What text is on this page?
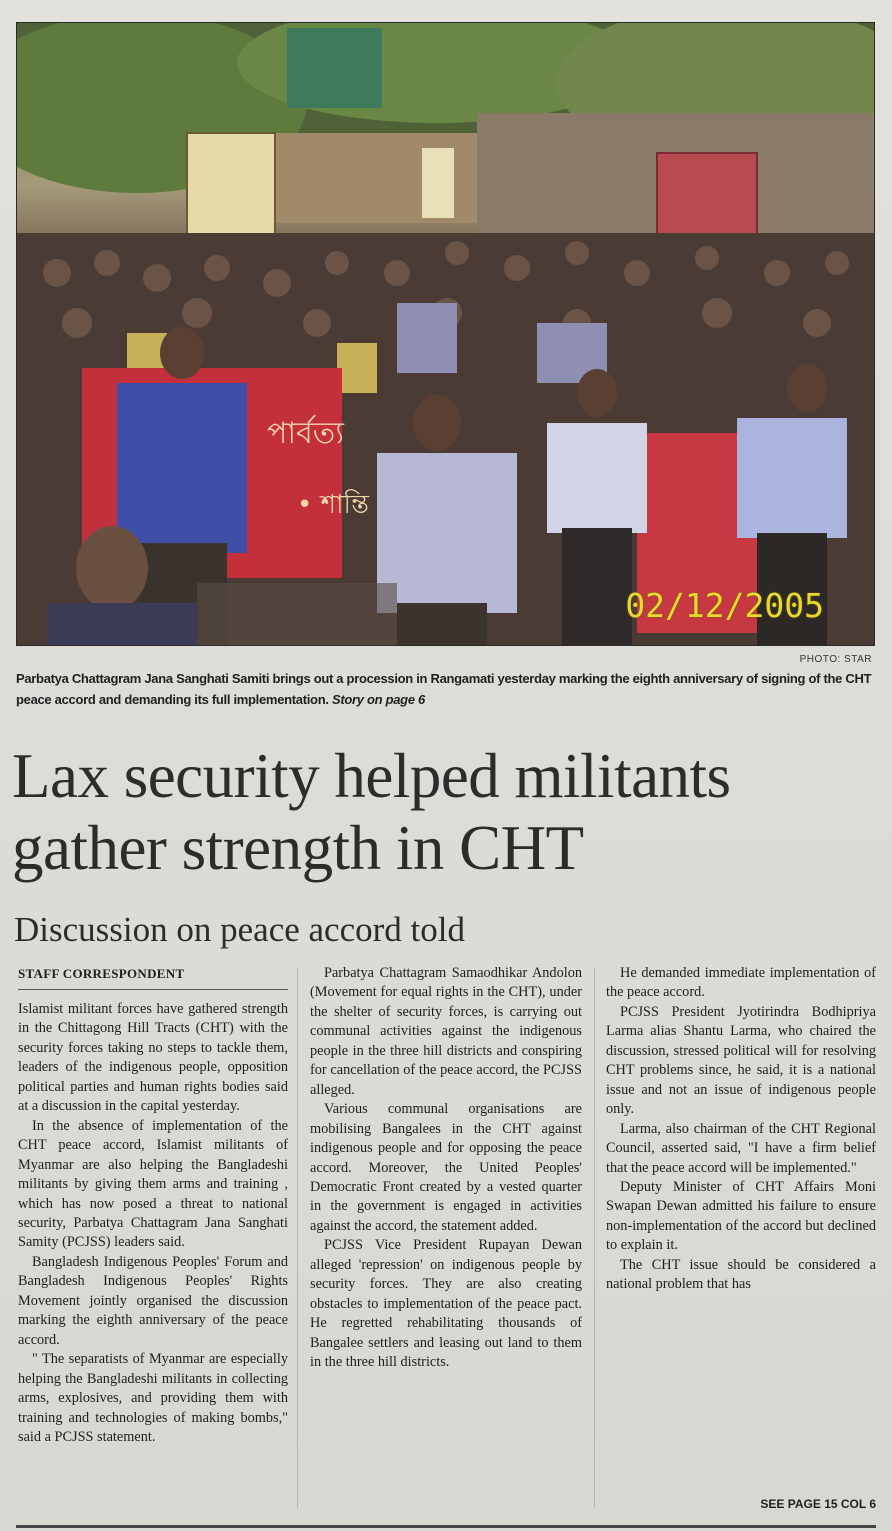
পার্বত্য
• শান্তি
02/12/2005
PHOTO: STAR
Parbatya Chattagram Jana Sanghati Samiti brings out a procession in Rangamati yesterday marking the eighth anniversary of signing of the CHT peace accord and demanding its full implementation. Story on page 6
Lax security helped militants gather strength in CHT
Discussion on peace accord told
STAFF CORRESPONDENT

Islamist militant forces have gathered strength in the Chittagong Hill Tracts (CHT) with the security forces taking no steps to tackle them, leaders of the indigenous people, opposition political parties and human rights bodies said at a discussion in the capital yesterday.

In the absence of implementation of the CHT peace accord, Islamist militants of Myanmar are also helping the Bangladeshi militants by giving them arms and training , which has now posed a threat to national security, Parbatya Chattagram Jana Sanghati Samity (PCJSS) leaders said.

Bangladesh Indigenous Peoples' Forum and Bangladesh Indigenous Peoples' Rights Movement jointly organised the discussion marking the eighth anniversary of the peace accord.

" The separatists of Myanmar are especially helping the Bangladeshi militants in collecting arms, explosives, and providing them with training and technologies of making bombs," said a PCJSS statement.

Parbatya Chattagram Samaodhikar Andolon (Movement for equal rights in the CHT), under the shelter of security forces, is carrying out communal activities against the indigenous people in the three hill districts and conspiring for cancellation of the peace accord, the PCJSS alleged.

Various communal organisations are mobilising Bangalees in the CHT against indigenous people and for opposing the peace accord. Moreover, the United Peoples' Democratic Front created by a vested quarter in the government is engaged in activities against the accord, the statement added.

PCJSS Vice President Rupayan Dewan alleged 'repression' on indigenous people by security forces. They are also creating obstacles to implementation of the peace pact. He regretted rehabilitating thousands of Bangalee settlers and leasing out land to them in the three hill districts.

He demanded immediate implementation of the peace accord.

PCJSS President Jyotirindra Bodhipriya Larma alias Shantu Larma, who chaired the discussion, stressed political will for resolving CHT problems since, he said, it is a national issue and not an issue of indigenous people only.

Larma, also chairman of the CHT Regional Council, asserted said, "I have a firm belief that the peace accord will be implemented."

Deputy Minister of CHT Affairs Moni Swapan Dewan admitted his failure to ensure non-implementation of the accord but declined to explain it.

The CHT issue should be considered a national problem that has

SEE PAGE 15 COL 6
